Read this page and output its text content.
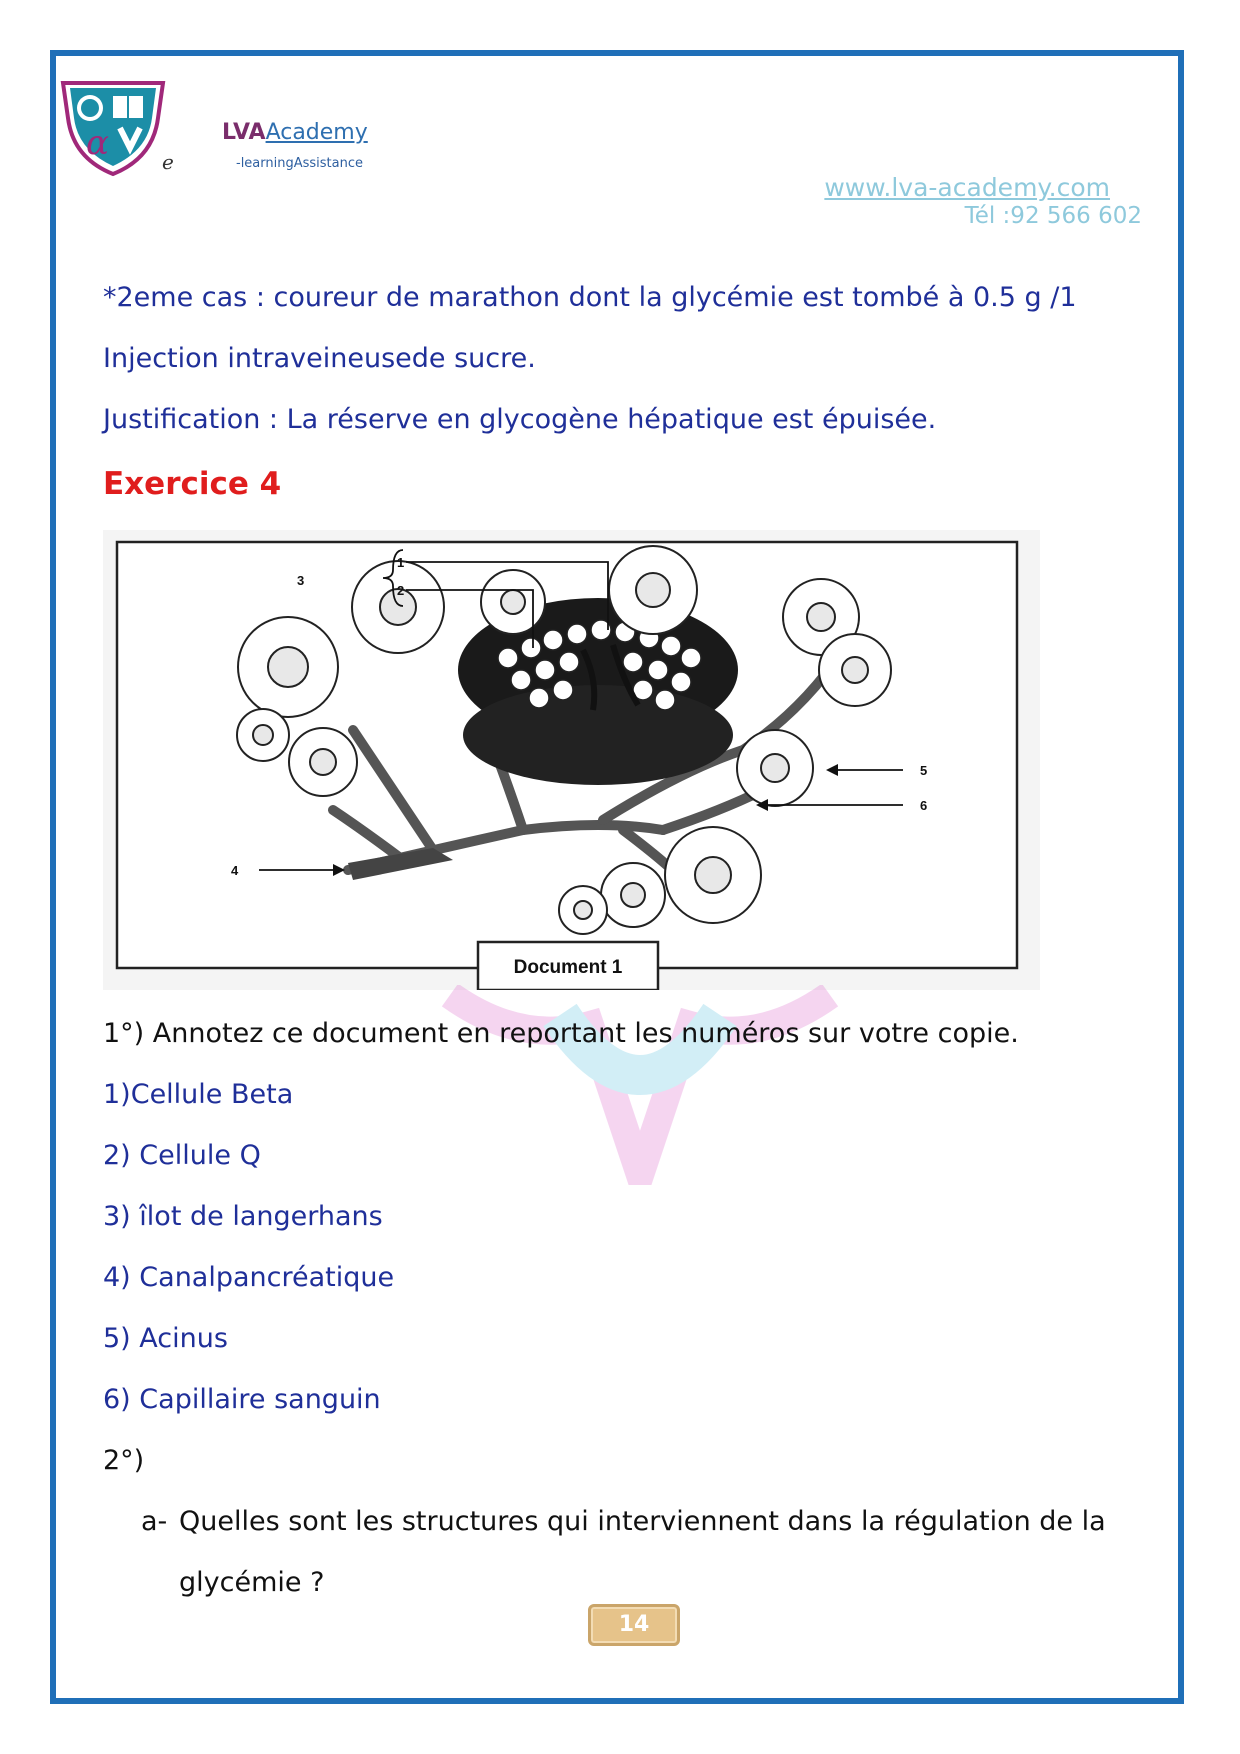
α	e
LVAAcademy
-learningAssistance
www.lva-academy.com
Tél :92 566 602
*2eme cas : coureur de marathon dont la glycémie est tombé à 0.5 g /1
Injection intraveineusede sucre.
Justification : La réserve en glycogène hépatique est épuisée.
Exercice 4
3
1
2
4
5
6
Document 1
1°) Annotez ce document en reportant les numéros sur votre copie.
1)Cellule Beta
2) Cellule Q
3) îlot de langerhans
4) Canalpancréatique
5) Acinus
6) Capillaire sanguin
2°)
a- Quelles sont les structures qui interviennent dans la régulation de la
glycémie ?
14
